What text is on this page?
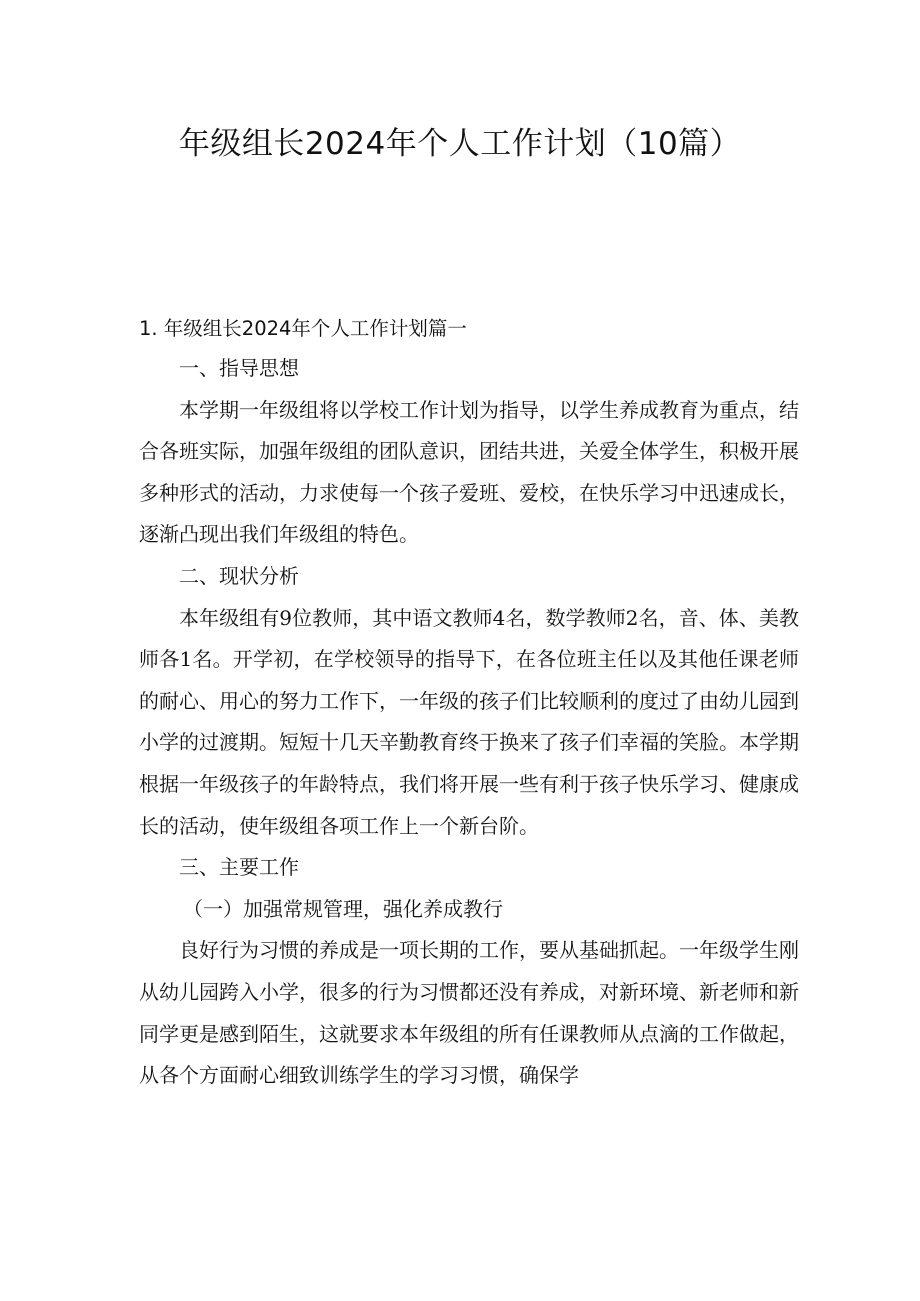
年级组长2024年个人工作计划（10篇）
1. 年级组长2024年个人工作计划篇一

一、指导思想

本学期一年级组将以学校工作计划为指导，以学生养成教育为重点，结合各班实际，加强年级组的团队意识，团结共进，关爱全体学生，积极开展多种形式的活动，力求使每一个孩子爱班、爱校，在快乐学习中迅速成长，逐渐凸现出我们年级组的特色。

二、现状分析

本年级组有9位教师，其中语文教师4名，数学教师2名，音、体、美教师各1名。开学初，在学校领导的指导下，在各位班主任以及其他任课老师的耐心、用心的努力工作下，一年级的孩子们比较顺利的度过了由幼儿园到小学的过渡期。短短十几天辛勤教育终于换来了孩子们幸福的笑脸。本学期根据一年级孩子的年龄特点，我们将开展一些有利于孩子快乐学习、健康成长的活动，使年级组各项工作上一个新台阶。

三、主要工作

（一）加强常规管理，强化养成教行

良好行为习惯的养成是一项长期的工作，要从基础抓起。一年级学生刚从幼儿园跨入小学，很多的行为习惯都还没有养成，对新环境、新老师和新同学更是感到陌生，这就要求本年级组的所有任课教师从点滴的工作做起，从各个方面耐心细致训练学生的学习习惯，确保学
